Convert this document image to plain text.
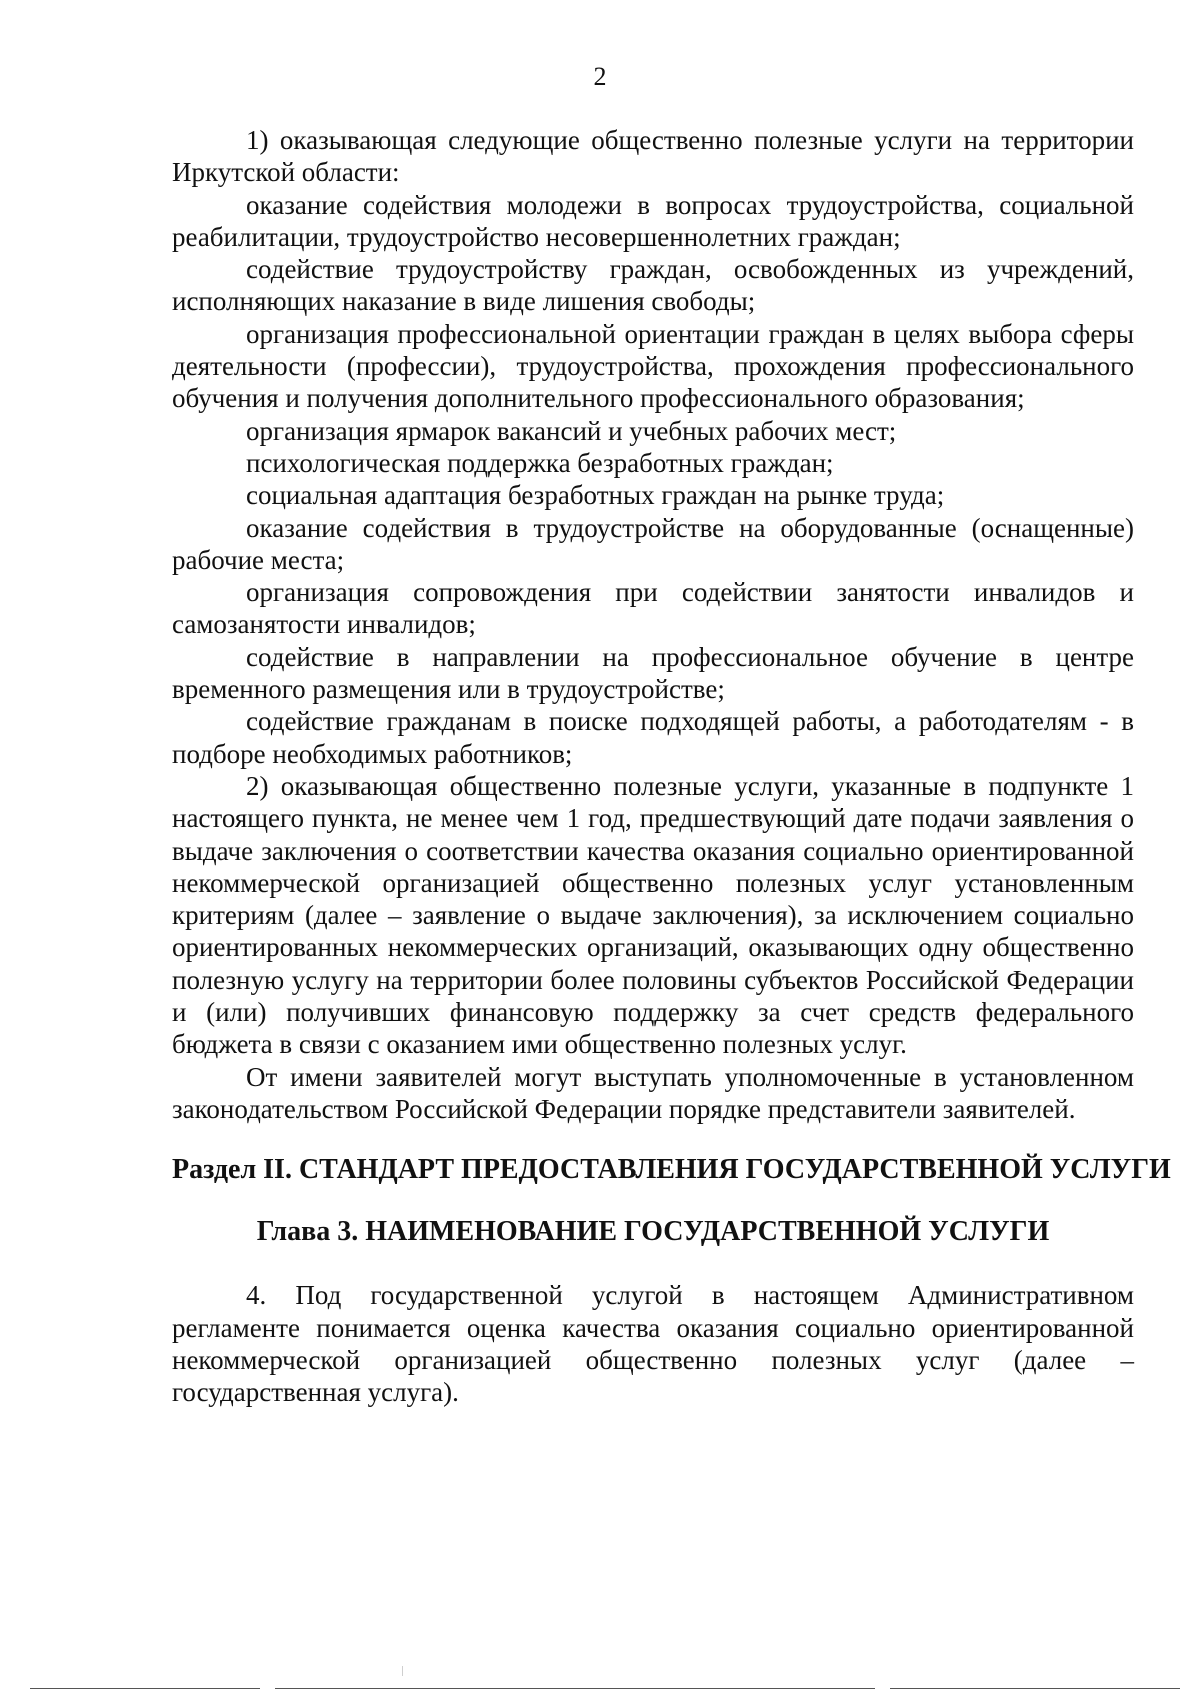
2

1) оказывающая следующие общественно полезные услуги на территории Иркутской области:

оказание содействия молодежи в вопросах трудоустройства, социальной реабилитации, трудоустройство несовершеннолетних граждан;

содействие трудоустройству граждан, освобожденных из учреждений, исполняющих наказание в виде лишения свободы;

организация профессиональной ориентации граждан в целях выбора сферы деятельности (профессии), трудоустройства, прохождения профессионального обучения и получения дополнительного профессионального образования;

организация ярмарок вакансий и учебных рабочих мест;

психологическая поддержка безработных граждан;

социальная адаптация безработных граждан на рынке труда;

оказание содействия в трудоустройстве на оборудованные (оснащенные) рабочие места;

организация сопровождения при содействии занятости инвалидов и самозанятости инвалидов;

содействие в направлении на профессиональное обучение в центре временного размещения или в трудоустройстве;

содействие гражданам в поиске подходящей работы, а работодателям - в подборе необходимых работников;

2) оказывающая общественно полезные услуги, указанные в подпункте 1 настоящего пункта, не менее чем 1 год, предшествующий дате подачи заявления о выдаче заключения о соответствии качества оказания социально ориентированной некоммерческой организацией общественно полезных услуг установленным критериям (далее – заявление о выдаче заключения), за исключением социально ориентированных некоммерческих организаций, оказывающих одну общественно полезную услугу на территории более половины субъектов Российской Федерации и (или) получивших финансовую поддержку за счет средств федерального бюджета в связи с оказанием ими общественно полезных услуг.

От имени заявителей могут выступать уполномоченные в установленном законодательством Российской Федерации порядке представители заявителей.

Раздел II. СТАНДАРТ ПРЕДОСТАВЛЕНИЯ ГОСУДАРСТВЕННОЙ УСЛУГИ
Глава 3. НАИМЕНОВАНИЕ ГОСУДАРСТВЕННОЙ УСЛУГИ

4. Под государственной услугой в настоящем Административном регламенте понимается оценка качества оказания социально ориентированной некоммерческой организацией общественно полезных услуг (далее – государственная услуга).
